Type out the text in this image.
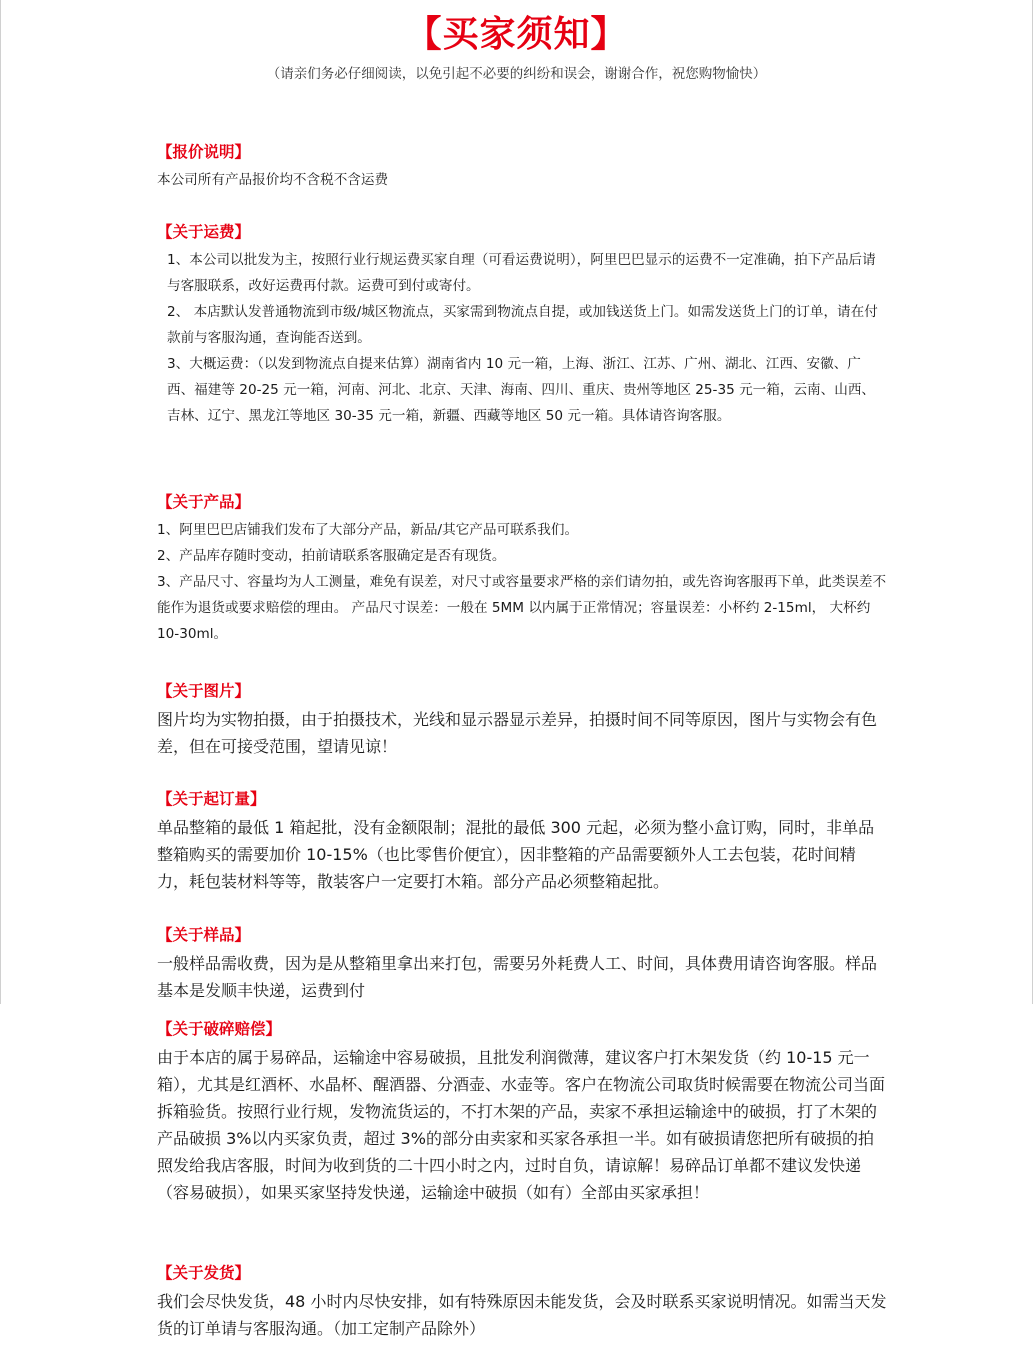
【买家须知】
（请亲们务必仔细阅读，以免引起不必要的纠纷和误会，谢谢合作，祝您购物愉快）
【报价说明】

本公司所有产品报价均不含税不含运费

【关于运费】

1、本公司以批发为主，按照行业行规运费买家自理（可看运费说明），阿里巴巴显示的运费不一定准确，拍下产品后请与客服联系，改好运费再付款。运费可到付或寄付。

2、 本店默认发普通物流到市级/城区物流点，买家需到物流点自提，或加钱送货上门。如需发送货上门的订单，请在付款前与客服沟通，查询能否送到。

3、大概运费：（以发到物流点自提来估算）湖南省内 10 元一箱，上海、浙江、江苏、广州、湖北、江西、安徽、广西、福建等 20-25 元一箱，河南、河北、北京、天津、海南、四川、重庆、贵州等地区 25-35 元一箱，云南、山西、吉林、辽宁、黑龙江等地区 30-35 元一箱，新疆、西藏等地区 50 元一箱。具体请咨询客服。

【关于产品】

1、阿里巴巴店铺我们发布了大部分产品，新品/其它产品可联系我们。

2、产品库存随时变动，拍前请联系客服确定是否有现货。

3、产品尺寸、容量均为人工测量，难免有误差，对尺寸或容量要求严格的亲们请勿拍，或先咨询客服再下单，此类误差不能作为退货或要求赔偿的理由。 产品尺寸误差：一般在 5MM 以内属于正常情况；容量误差：小杯约 2-15ml， 大杯约 10-30ml。

【关于图片】

图片均为实物拍摄，由于拍摄技术，光线和显示器显示差异，拍摄时间不同等原因，图片与实物会有色差，但在可接受范围，望请见谅！

【关于起订量】

单品整箱的最低 1 箱起批，没有金额限制；混批的最低 300 元起，必须为整小盒订购，同时，非单品整箱购买的需要加价 10-15%（也比零售价便宜），因非整箱的产品需要额外人工去包装，花时间精力，耗包装材料等等，散装客户一定要打木箱。部分产品必须整箱起批。

【关于样品】

一般样品需收费，因为是从整箱里拿出来打包，需要另外耗费人工、时间，具体费用请咨询客服。样品基本是发顺丰快递，运费到付

【关于破碎赔偿】

由于本店的属于易碎品，运输途中容易破损，且批发利润微薄，建议客户打木架发货（约 10-15 元一箱），尤其是红酒杯、水晶杯、醒酒器、分酒壶、水壶等。客户在物流公司取货时候需要在物流公司当面拆箱验货。按照行业行规，发物流货运的，不打木架的产品，卖家不承担运输途中的破损，打了木架的产品破损 3%以内买家负责，超过 3%的部分由卖家和买家各承担一半。如有破损请您把所有破损的拍照发给我店客服，时间为收到货的二十四小时之内，过时自负，请谅解！易碎品订单都不建议发快递（容易破损），如果买家坚持发快递，运输途中破损（如有）全部由买家承担！

【关于发货】

我们会尽快发货，48 小时内尽快安排，如有特殊原因未能发货，会及时联系买家说明情况。如需当天发货的订单请与客服沟通。（加工定制产品除外）
